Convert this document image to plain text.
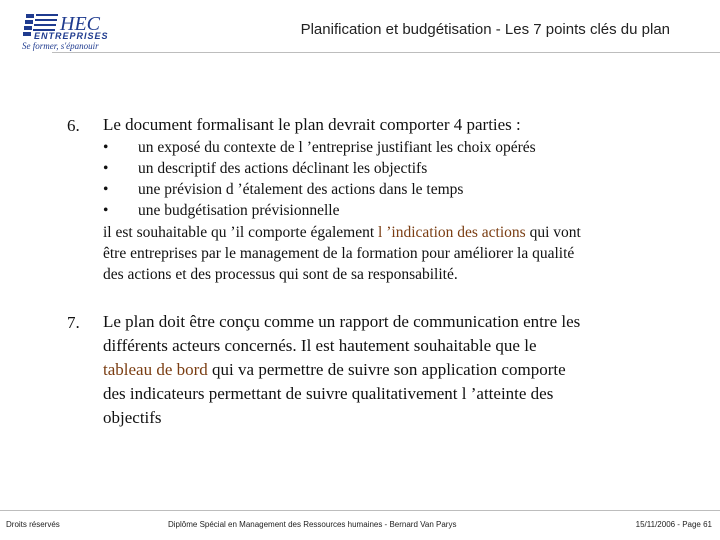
HEC
ENTREPRISES
Se former, s'épanouir
Planification et budgétisation - Les 7 points clés du plan
6. Le document formalisant le plan devrait comporter 4 parties :
• un exposé du contexte de l ’entreprise justifiant les choix opérés
• un descriptif des actions déclinant les objectifs
• une prévision d ’étalement des actions dans le temps
• une budgétisation prévisionnelle
il est souhaitable qu ’il comporte également l ’indication des actions qui vont
être entreprises par le management de la formation pour améliorer la qualité
des actions et des processus qui sont de sa responsabilité.
7. Le plan doit être conçu comme un rapport de communication entre les
différents acteurs concernés. Il est hautement souhaitable que le
tableau de bord qui va permettre de suivre son application comporte
des indicateurs permettant de suivre qualitativement l ’atteinte des
objectifs
Droits réservés	Diplôme Spécial en Management des Ressources humaines - Bernard Van Parys	15/11/2006 - Page 61
